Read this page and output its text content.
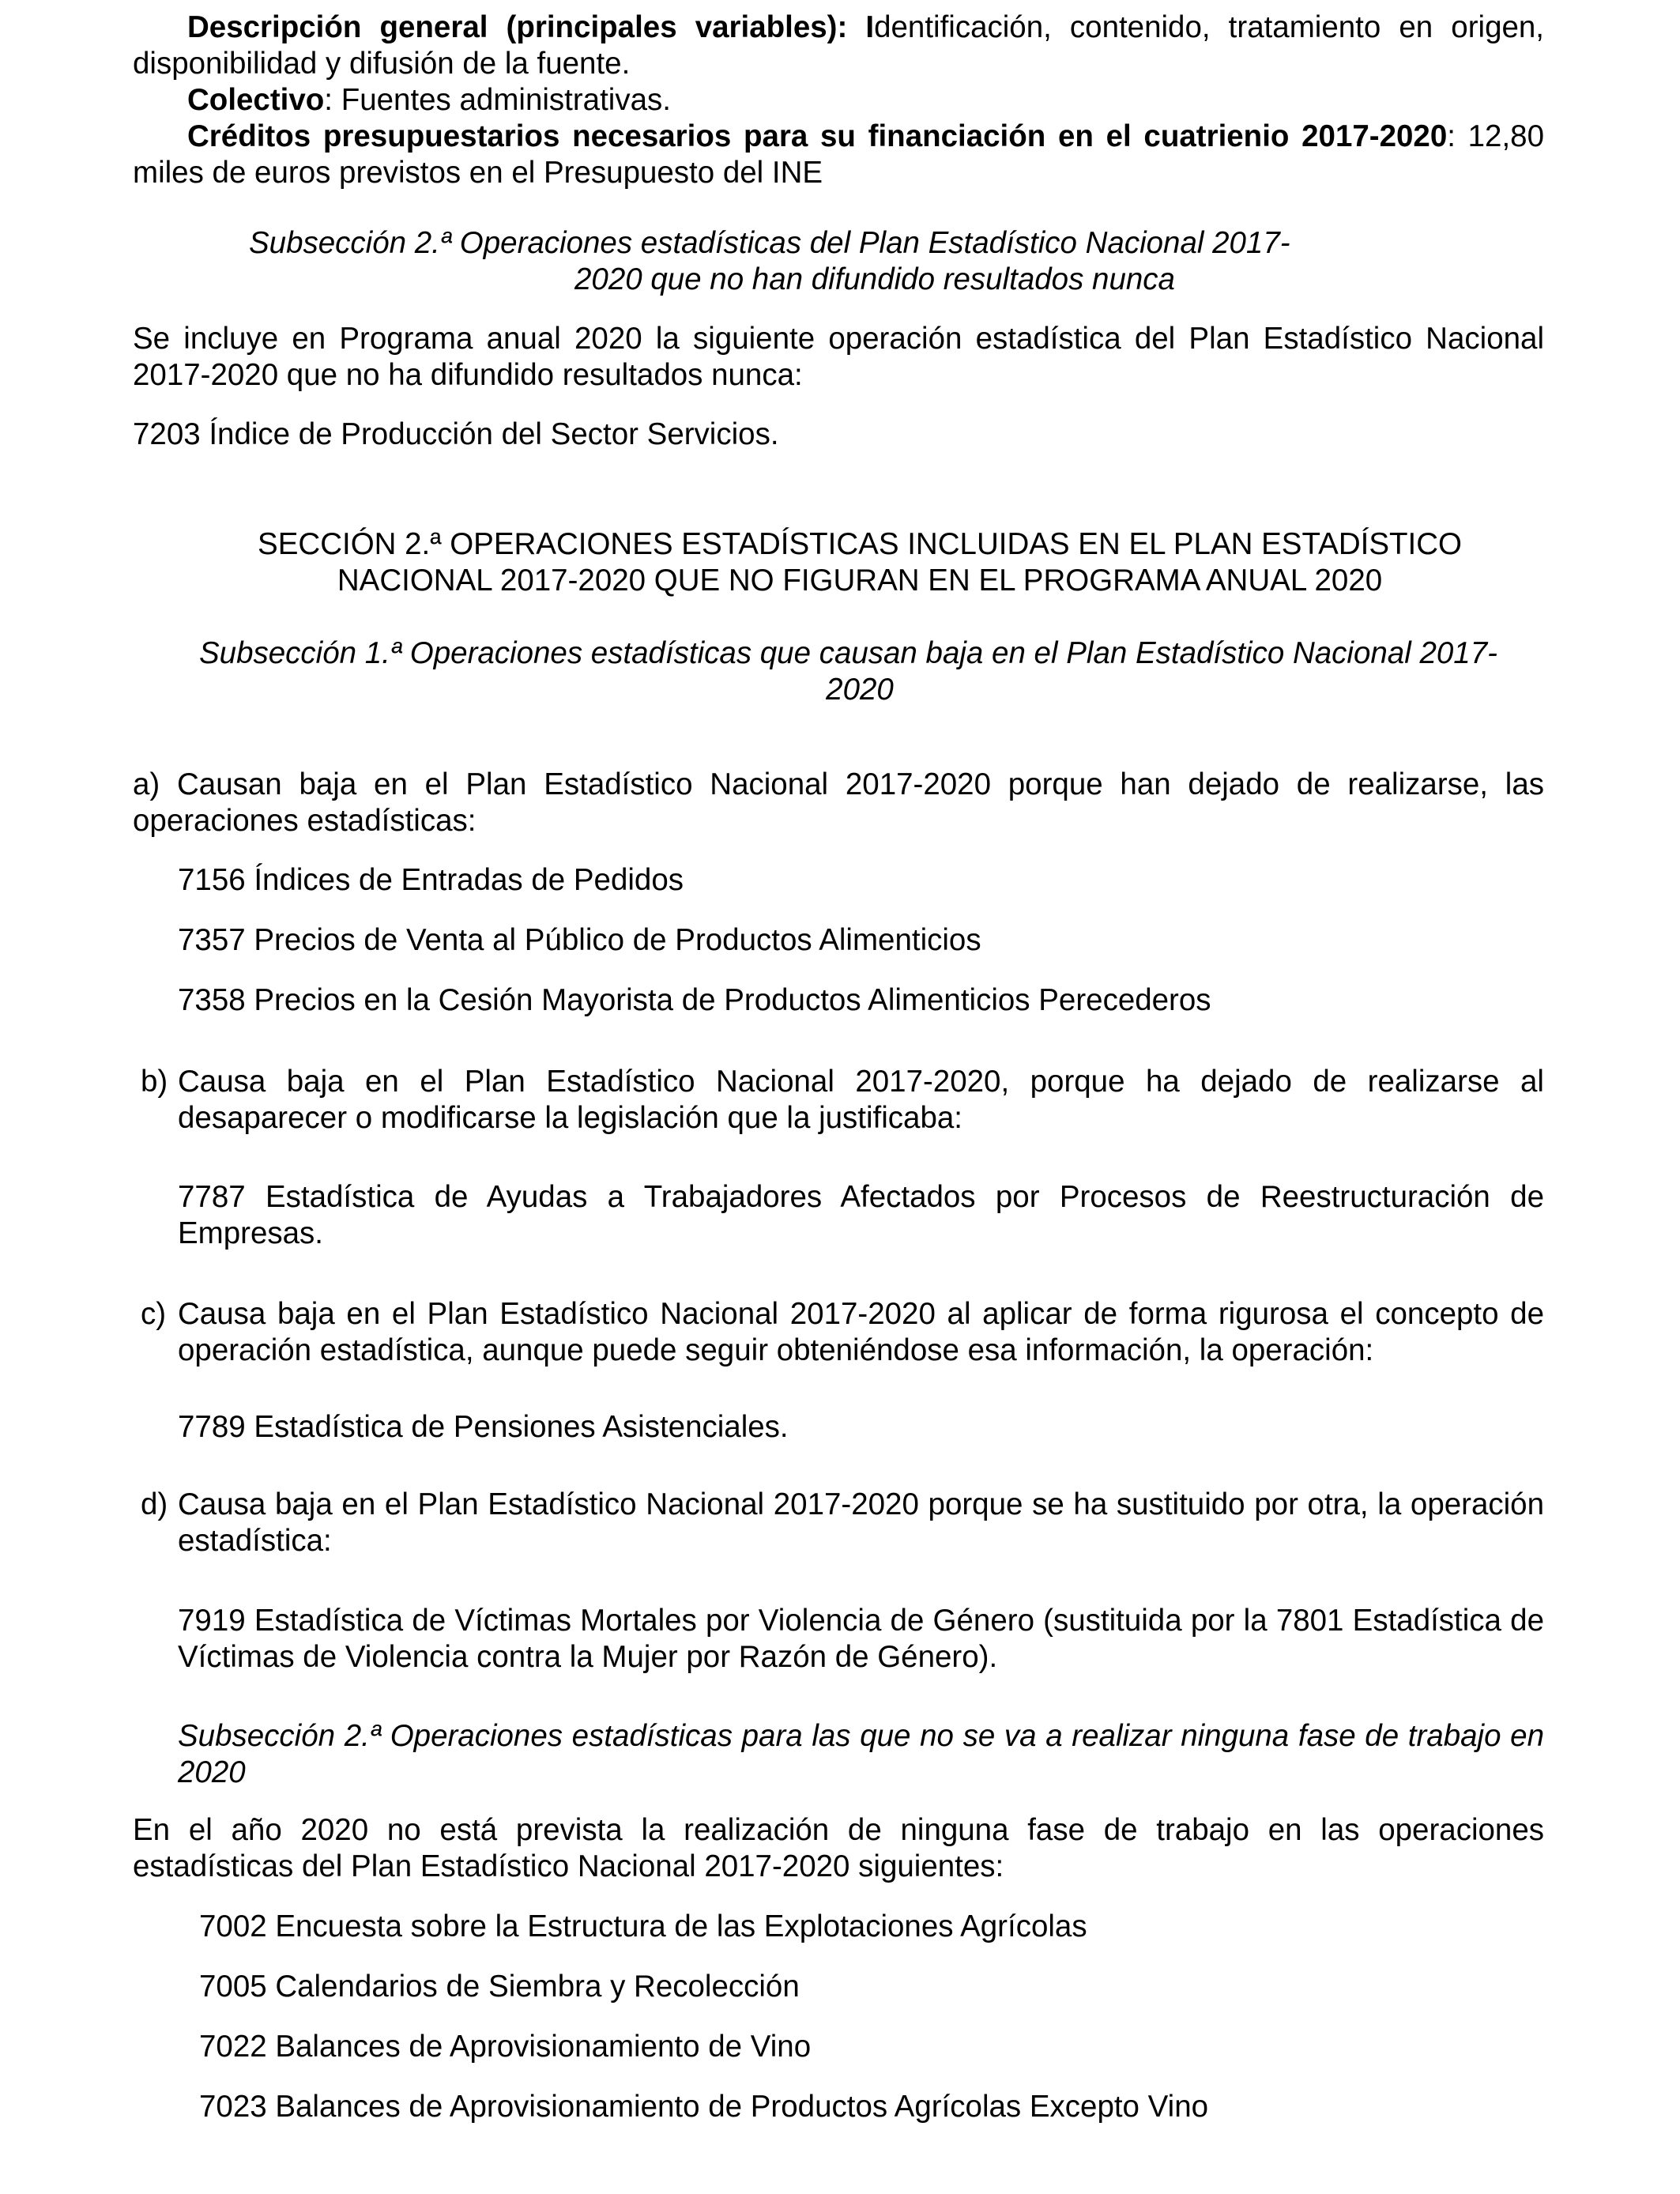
Descripción general (principales variables): Identificación, contenido, tratamiento en origen, disponibilidad y difusión de la fuente.

Colectivo: Fuentes administrativas.

Créditos presupuestarios necesarios para su financiación en el cuatrienio 2017-2020: 12,80 miles de euros previstos en el Presupuesto del INE

Subsección 2.ª Operaciones estadísticas del Plan Estadístico Nacional 2017-

2020 que no han difundido resultados nunca

Se incluye en Programa anual 2020 la siguiente operación estadística del Plan Estadístico Nacional 2017-2020 que no ha difundido resultados nunca:

7203 Índice de Producción del Sector Servicios.

SECCIÓN 2.ª OPERACIONES ESTADÍSTICAS INCLUIDAS EN EL PLAN ESTADÍSTICO

NACIONAL 2017-2020 QUE NO FIGURAN EN EL PROGRAMA ANUAL 2020

Subsección 1.ª Operaciones estadísticas que causan baja en el Plan Estadístico Nacional 2017-

2020

a) Causan baja en el Plan Estadístico Nacional 2017-2020 porque han dejado de realizarse, las operaciones estadísticas:

7156 Índices de Entradas de Pedidos

7357 Precios de Venta al Público de Productos Alimenticios

7358 Precios en la Cesión Mayorista de Productos Alimenticios Perecederos

b) Causa baja en el Plan Estadístico Nacional 2017-2020, porque ha dejado de realizarse al desaparecer o modificarse la legislación que la justificaba:

7787 Estadística de Ayudas a Trabajadores Afectados por Procesos de Reestructuración de Empresas.

c) Causa baja en el Plan Estadístico Nacional 2017-2020 al aplicar de forma rigurosa el concepto de operación estadística, aunque puede seguir obteniéndose esa información, la operación:

7789 Estadística de Pensiones Asistenciales.

d) Causa baja en el Plan Estadístico Nacional 2017-2020 porque se ha sustituido por otra, la operación estadística:

7919 Estadística de Víctimas Mortales por Violencia de Género (sustituida por la 7801 Estadística de Víctimas de Violencia contra la Mujer por Razón de Género).

Subsección 2.ª Operaciones estadísticas para las que no se va a realizar ninguna fase de trabajo en 2020

En el año 2020 no está prevista la realización de ninguna fase de trabajo en las operaciones estadísticas del Plan Estadístico Nacional 2017-2020 siguientes:

7002 Encuesta sobre la Estructura de las Explotaciones Agrícolas

7005 Calendarios de Siembra y Recolección

7022 Balances de Aprovisionamiento de Vino

7023 Balances de Aprovisionamiento de Productos Agrícolas Excepto Vino
